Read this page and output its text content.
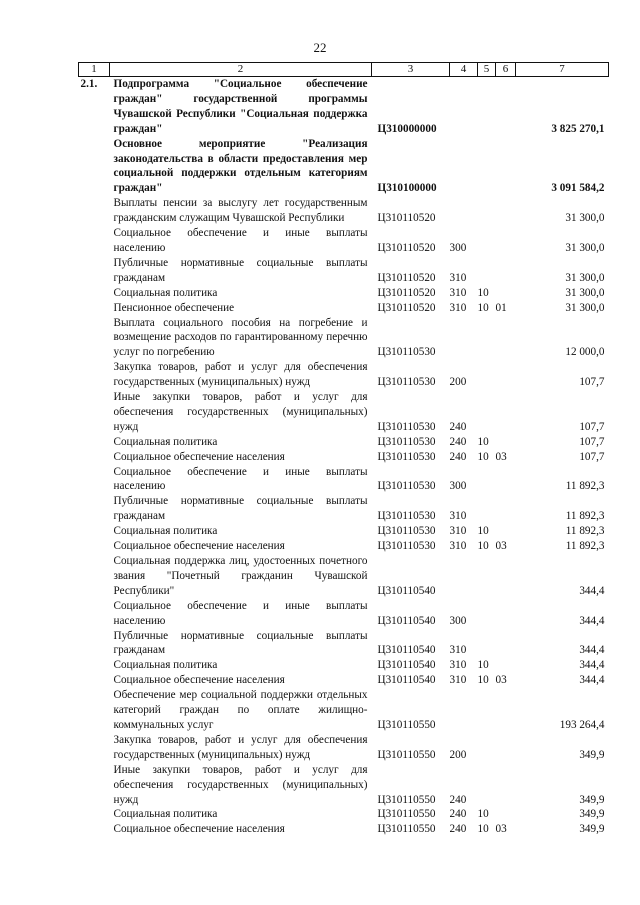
22
1	2	3	4	5	6	7
2.1.	Подпрограмма "Социальное обеспечение граждан" государственной программы Чувашской Республики "Социальная поддержка граждан"	Ц310000000				3 825 270,1
	Основное мероприятие "Реализация законодательства в области предоставления мер социальной поддержки отдельным категориям граждан"	Ц310100000				3 091 584,2
	Выплаты пенсии за выслугу лет государственным гражданским служащим Чувашской Республики	Ц310110520				31 300,0
	Социальное обеспечение и иные выплаты населению	Ц310110520	300			31 300,0
	Публичные нормативные социальные выплаты гражданам	Ц310110520	310			31 300,0
	Социальная политика	Ц310110520	310	10		31 300,0
	Пенсионное обеспечение	Ц310110520	310	10	01	31 300,0
	Выплата социального пособия на погребение и возмещение расходов по гарантированному перечню услуг по погребению	Ц310110530				12 000,0
	Закупка товаров, работ и услуг для обеспечения государственных (муниципальных) нужд	Ц310110530	200			107,7
	Иные закупки товаров, работ и услуг для обеспечения государственных (муниципальных) нужд	Ц310110530	240			107,7
	Социальная политика	Ц310110530	240	10		107,7
	Социальное обеспечение населения	Ц310110530	240	10	03	107,7
	Социальное обеспечение и иные выплаты населению	Ц310110530	300			11 892,3
	Публичные нормативные социальные выплаты гражданам	Ц310110530	310			11 892,3
	Социальная политика	Ц310110530	310	10		11 892,3
	Социальное обеспечение населения	Ц310110530	310	10	03	11 892,3
	Социальная поддержка лиц, удостоенных почетного звания "Почетный гражданин Чувашской Республики"	Ц310110540				344,4
	Социальное обеспечение и иные выплаты населению	Ц310110540	300			344,4
	Публичные нормативные социальные выплаты гражданам	Ц310110540	310			344,4
	Социальная политика	Ц310110540	310	10		344,4
	Социальное обеспечение населения	Ц310110540	310	10	03	344,4
	Обеспечение мер социальной поддержки отдельных категорий граждан по оплате жилищно-коммунальных услуг	Ц310110550				193 264,4
	Закупка товаров, работ и услуг для обеспечения государственных (муниципальных) нужд	Ц310110550	200			349,9
	Иные закупки товаров, работ и услуг для обеспечения государственных (муниципальных) нужд	Ц310110550	240			349,9
	Социальная политика	Ц310110550	240	10		349,9
	Социальное обеспечение населения	Ц310110550	240	10	03	349,9
